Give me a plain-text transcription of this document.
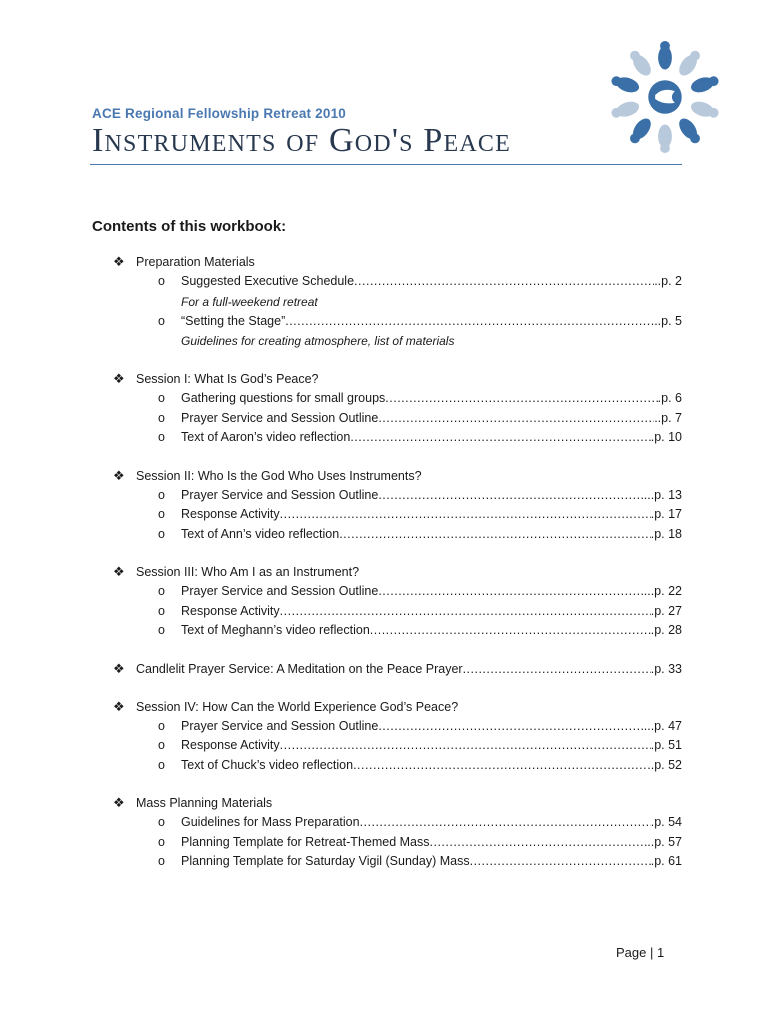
ACE Regional Fellowship Retreat 2010
Instruments of God's Peace
Contents of this workbook:
❖ Preparation Materials
o Suggested Executive Schedule .....	..p. 2
For a full-weekend retreat
o “Setting the Stage” .....	...p. 5
Guidelines for creating atmosphere, list of materials
❖ Session I: What Is God’s Peace?
o Gathering questions for small groups .....	.p. 6
o Prayer Service and Session Outline .....	..p. 7
o Text of Aaron’s video reflection .....	.p. 10
❖ Session II: Who Is the God Who Uses Instruments?
o Prayer Service and Session Outline .....	...p. 13
o Response Activity .....	.p. 17
o Text of Ann’s video reflection .....	.p. 18
❖ Session III: Who Am I as an Instrument?
o Prayer Service and Session Outline .....	...p. 22
o Response Activity .....	.p. 27
o Text of Meghann’s video reflection .....	.p. 28
❖ Candlelit Prayer Service: A Meditation on the Peace Prayer .....	.p. 33
❖ Session IV: How Can the World Experience God’s Peace?
o Prayer Service and Session Outline .....	...p. 47
o Response Activity .....	.p. 51
o Text of Chuck’s video reflection .....	..p. 52
❖ Mass Planning Materials
o Guidelines for Mass Preparation .....	.p. 54
o Planning Template for Retreat-Themed Mass .....	..p. 57
o Planning Template for Saturday Vigil (Sunday) Mass .....	.p. 61
Page | 1
